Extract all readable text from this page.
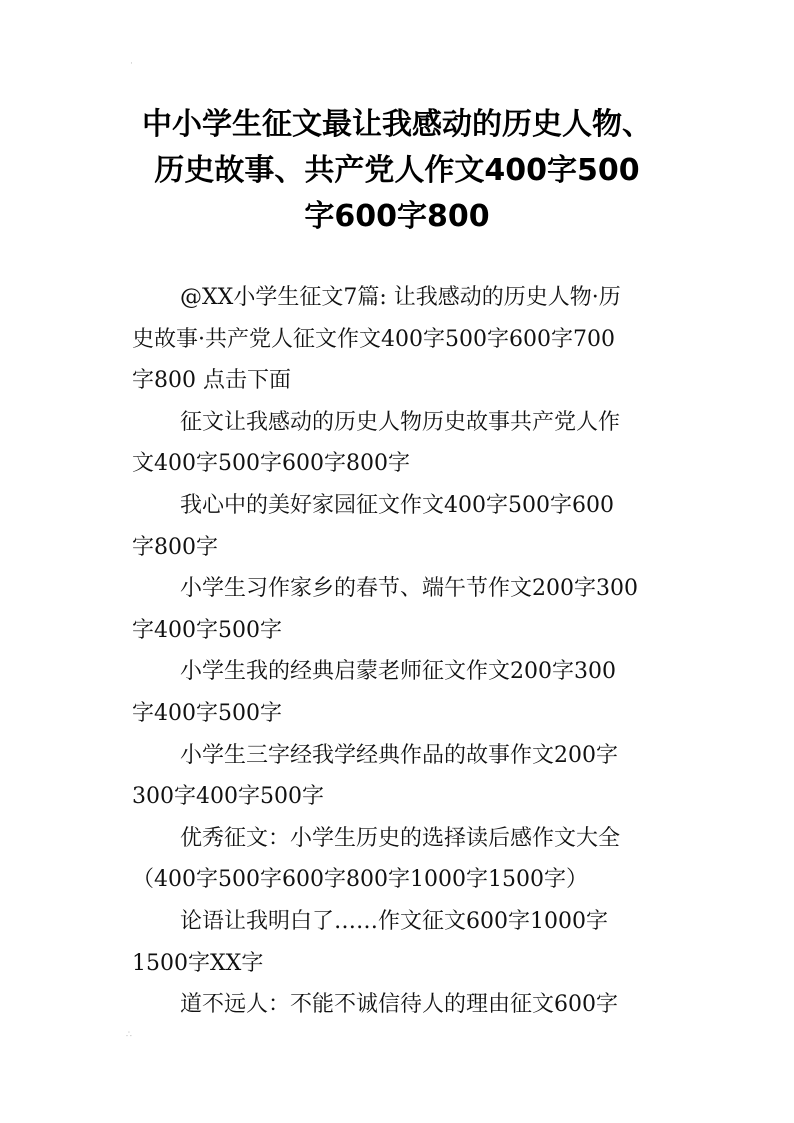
·
中小学生征文最让我感动的历史人物、
历史故事、共产党人作文400字500
字600字800

@XX小学生征文7篇: 让我感动的历史人物·历
史故事·共产党人征文作文400字500字600字700
字800 点击下面

征文让我感动的历史人物历史故事共产党人作
文400字500字600字800字

我心中的美好家园征文作文400字500字600
字800字

小学生习作家乡的春节、端午节作文200字300
字400字500字

小学生我的经典启蒙老师征文作文200字300
字400字500字

小学生三字经我学经典作品的故事作文200字
300字400字500字

优秀征文：小学生历史的选择读后感作文大全
（400字500字600字800字1000字1500字）

论语让我明白了……作文征文600字1000字
1500字XX字

道不远人：不能不诚信待人的理由征文600字

∴
